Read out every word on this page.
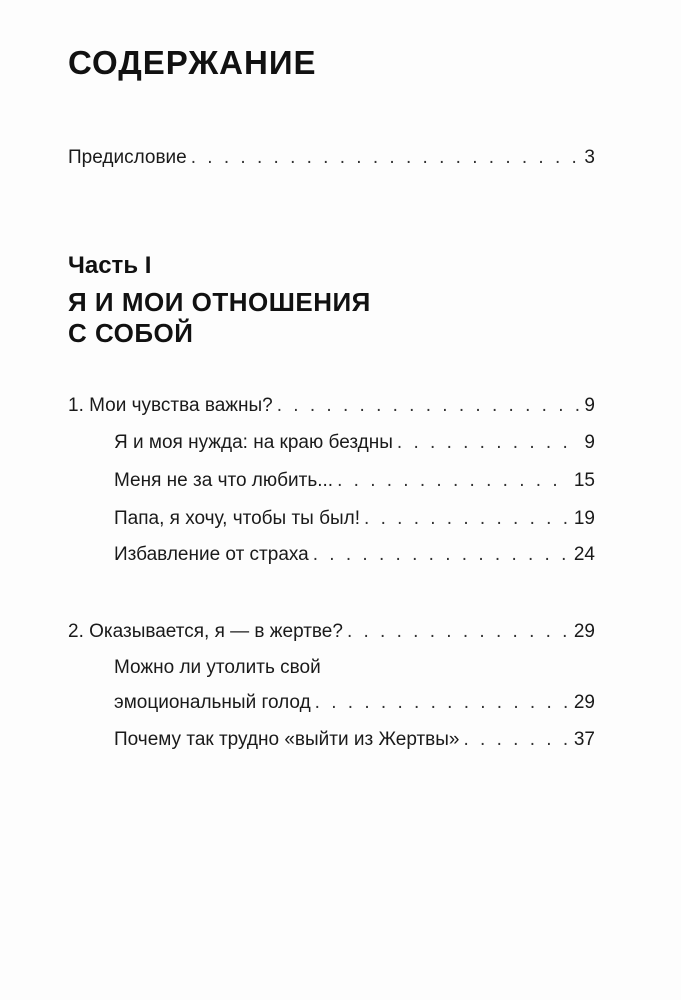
СОДЕРЖАНИЕ
Предисловие . . .	3
Часть I
Я И МОИ ОТНОШЕНИЯ
С СОБОЙ
1. Мои чувства важны? . . .	9
Я и моя нужда: на краю бездны . . .	9
Меня не за что любить... . . .	15
Папа, я хочу, чтобы ты был! . . .	19
Избавление от страха . . .	24
2. Оказывается, я — в жертве? . . .	29
Можно ли утолить свой
эмоциональный голод . . .	29
Почему так трудно «выйти из Жертвы» . . .	37
